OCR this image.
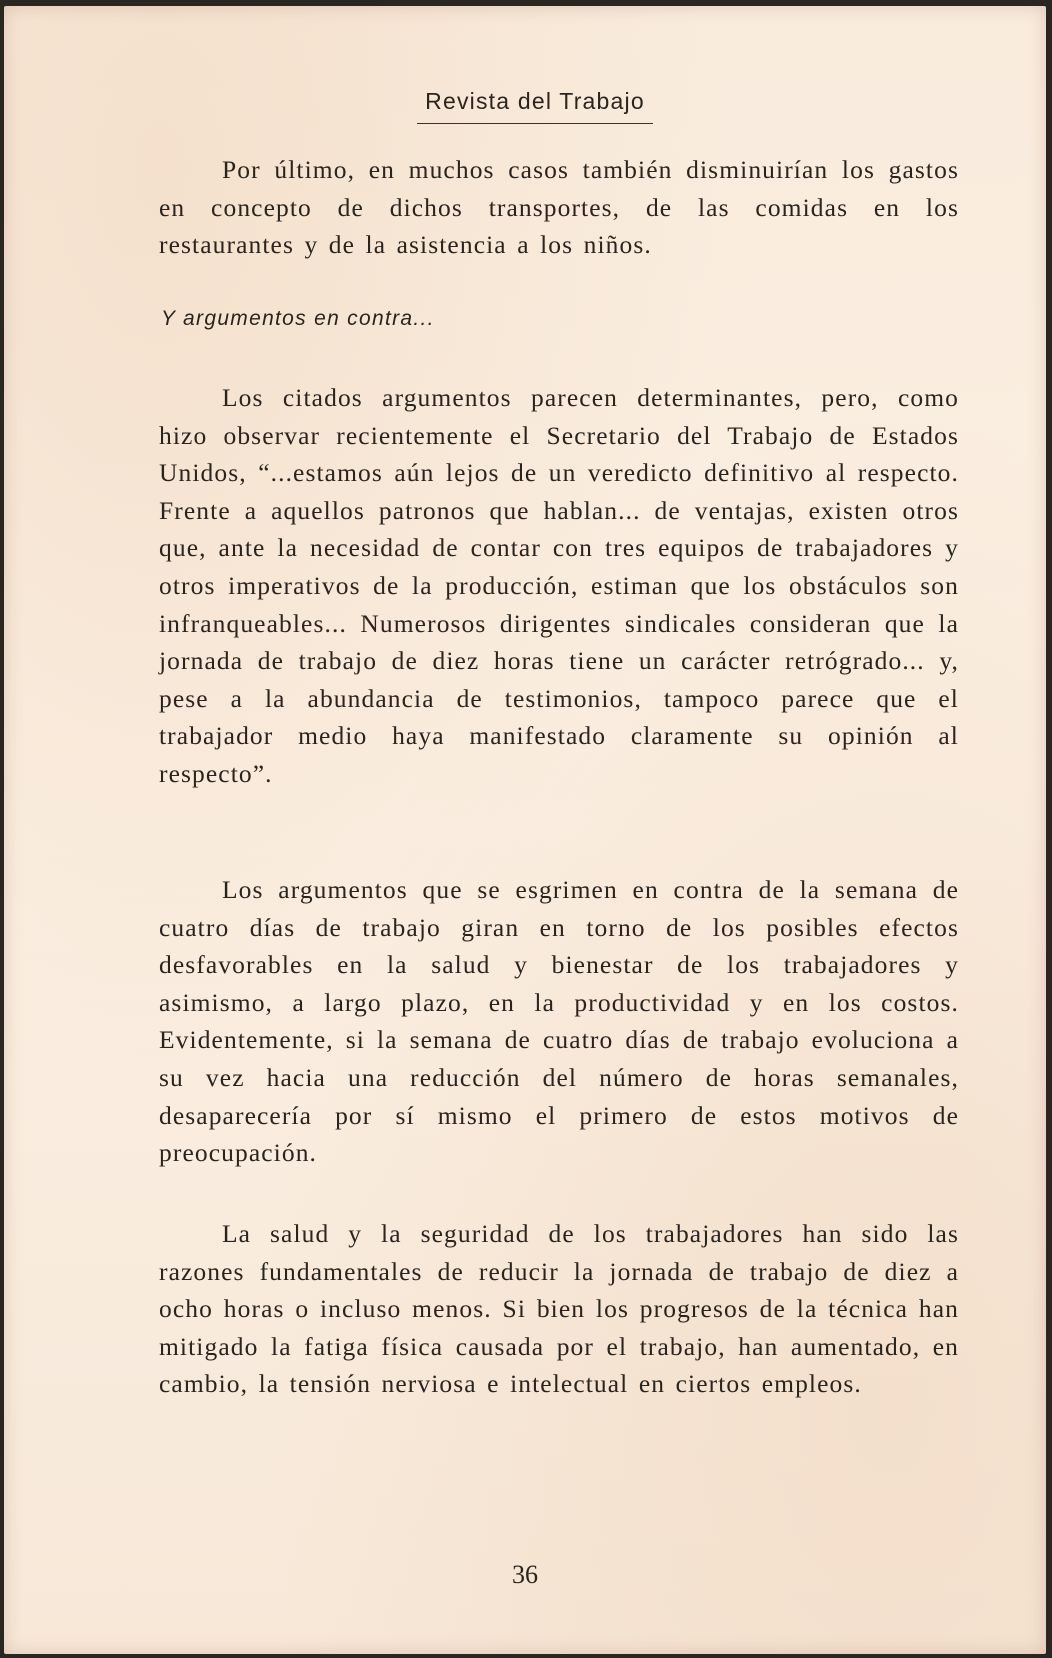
Revista del Trabajo

Por último, en muchos casos también disminuirían los gastos en concepto de dichos transportes, de las comidas en los restaurantes y de la asistencia a los niños.

Y argumentos en contra...

Los citados argumentos parecen determinantes, pero, como hizo observar recientemente el Secretario del Trabajo de Estados Unidos, “...estamos aún lejos de un veredicto definitivo al respecto. Frente a aquellos patronos que hablan... de ventajas, existen otros que, ante la necesidad de contar con tres equipos de trabajadores y otros imperativos de la producción, estiman que los obstáculos son infranqueables... Numerosos dirigentes sindicales consideran que la jornada de trabajo de diez horas tiene un carácter retrógrado... y, pese a la abundancia de testimonios, tampoco parece que el trabajador medio haya manifestado claramente su opinión al respecto”.

Los argumentos que se esgrimen en contra de la semana de cuatro días de trabajo giran en torno de los posibles efectos desfavorables en la salud y bienestar de los trabajadores y asimismo, a largo plazo, en la productividad y en los costos. Evidentemente, si la semana de cuatro días de trabajo evoluciona a su vez hacia una reducción del número de horas semanales, desaparecería por sí mismo el primero de estos motivos de preocupación.

La salud y la seguridad de los trabajadores han sido las razones fundamentales de reducir la jornada de trabajo de diez a ocho horas o incluso menos. Si bien los progresos de la técnica han mitigado la fatiga física causada por el trabajo, han aumentado, en cambio, la tensión nerviosa e intelectual en ciertos empleos.

36
